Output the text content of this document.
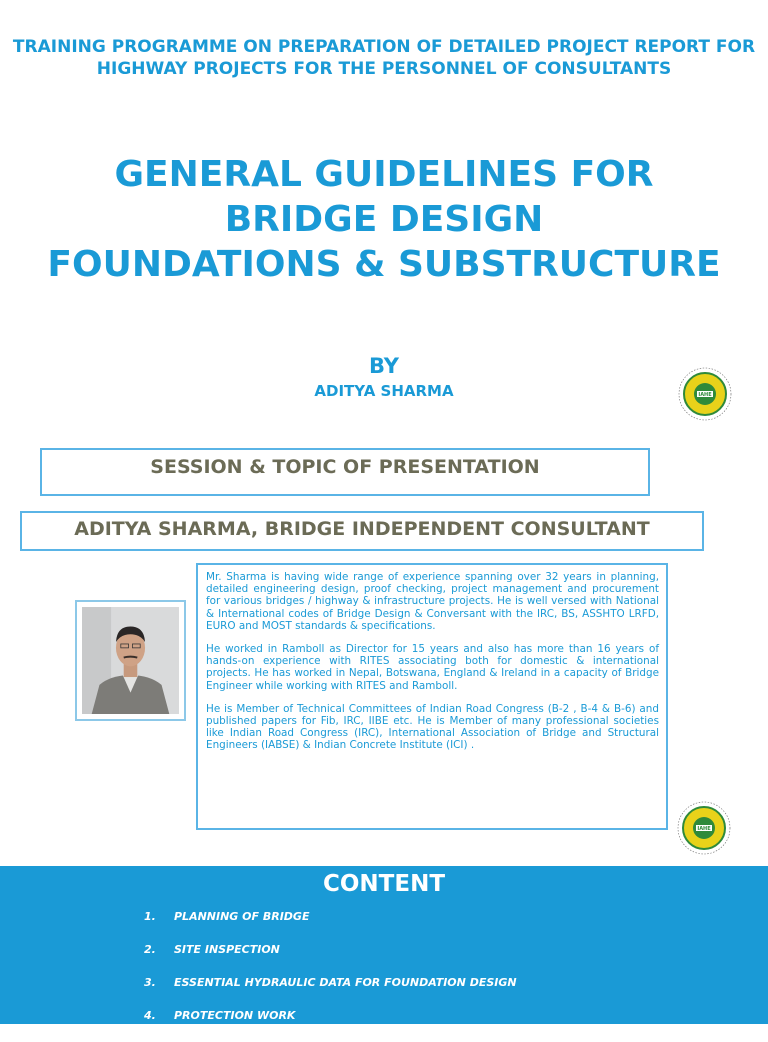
TRAINING PROGRAMME ON PREPARATION OF DETAILED PROJECT REPORT FOR HIGHWAY PROJECTS FOR THE PERSONNEL OF CONSULTANTS
GENERAL GUIDELINES FOR
BRIDGE DESIGN
FOUNDATIONS & SUBSTRUCTURE
BY
ADITYA SHARMA	IAHE
SESSION & TOPIC OF PRESENTATION
ADITYA SHARMA, BRIDGE INDEPENDENT CONSULTANT

Mr. Sharma is having wide range of experience spanning over 32 years in planning, detailed engineering design, proof checking, project management and procurement for various bridges / highway & infrastructure projects. He is well versed with National & International codes of Bridge Design & Conversant with the IRC, BS, ASSHTO LRFD, EURO and MOST standards & specifications.

He worked in Ramboll as Director for 15 years and also has more than 16 years of hands-on experience with RITES associating both for domestic & international projects. He has worked in Nepal, Botswana, England & Ireland in a capacity of Bridge Engineer while working with RITES and Ramboll.

He is Member of Technical Committees of Indian Road Congress (B-2 , B-4 & B-6) and published papers for Fib, IRC, IIBE etc. He is Member of many professional societies like Indian Road Congress (IRC), International Association of Bridge and Structural Engineers (IABSE) & Indian Concrete Institute (ICI) .

IAHE
CONTENT
1. PLANNING OF BRIDGE
2. SITE INSPECTION
3. ESSENTIAL HYDRAULIC DATA FOR FOUNDATION DESIGN
4. PROTECTION WORK
